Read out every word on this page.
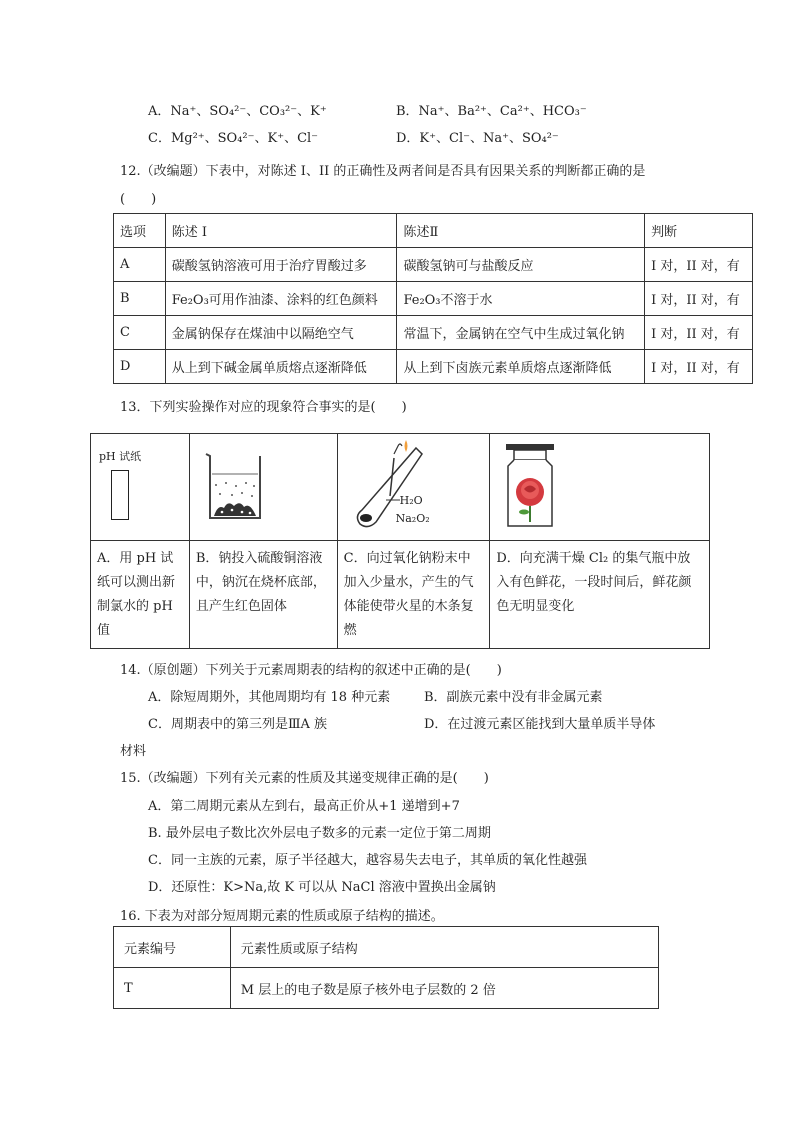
A．Na⁺、SO₄²⁻、CO₃²⁻、K⁺	B．Na⁺、Ba²⁺、Ca²⁺、HCO₃⁻
C．Mg²⁺、SO₄²⁻、K⁺、Cl⁻	D．K⁺、Cl⁻、Na⁺、SO₄²⁻
12.（改编题）下表中，对陈述 I、II 的正确性及两者间是否具有因果关系的判断都正确的是
(　　)
选项	陈述 I	陈述Ⅱ	判断
A	碳酸氢钠溶液可用于治疗胃酸过多	碳酸氢钠可与盐酸反应	I 对，II 对，有
B	Fe₂O₃可用作油漆、涂料的红色颜料	Fe₂O₃不溶于水	I 对，II 对，有
C	金属钠保存在煤油中以隔绝空气	常温下，金属钠在空气中生成过氧化钠	I 对，II 对，有
D	从上到下碱金属单质熔点逐渐降低	从上到下卤族元素单质熔点逐渐降低	I 对，II 对，有
13．下列实验操作对应的现象符合事实的是(　　)
pH 试纸		H₂O
Na₂O₂

A．用 pH 试纸可以测出新制氯水的 pH 值	B．钠投入硫酸铜溶液中，钠沉在烧杯底部，且产生红色固体	C．向过氧化钠粉末中加入少量水，产生的气体能使带火星的木条复燃	D．向充满干燥 Cl₂ 的集气瓶中放入有色鲜花，一段时间后，鲜花颜色无明显变化
14.（原创题）下列关于元素周期表的结构的叙述中正确的是(　　)
A．除短周期外，其他周期均有 18 种元素	B．副族元素中没有非金属元素
C．周期表中的第三列是ⅢA 族	D．在过渡元素区能找到大量单质半导体
材料
15.（改编题）下列有关元素的性质及其递变规律正确的是(　　)
A．第二周期元素从左到右，最高正价从+1 递增到+7
B. 最外层电子数比次外层电子数多的元素一定位于第二周期
C．同一主族的元素，原子半径越大，越容易失去电子，其单质的氧化性越强
D．还原性：K>Na,故 K 可以从 NaCl 溶液中置换出金属钠
16. 下表为对部分短周期元素的性质或原子结构的描述。
元素编号	元素性质或原子结构
T	M 层上的电子数是原子核外电子层数的 2 倍
